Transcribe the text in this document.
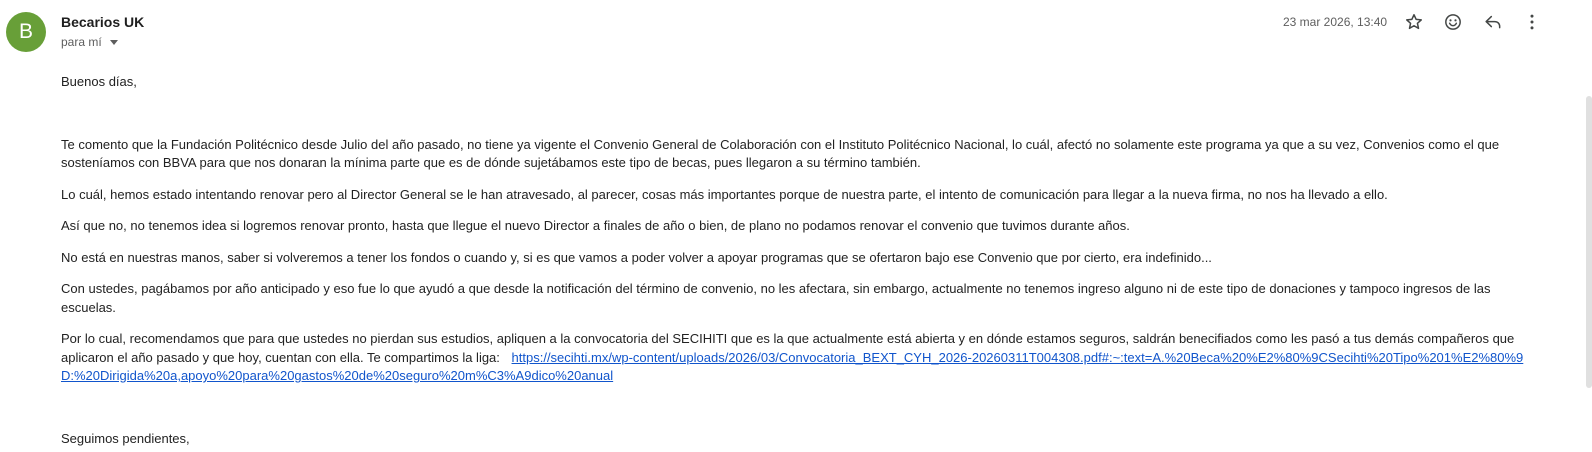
B	Becarios UK
para mí
23 mar 2026, 13:40

Buenos días,

Te comento que la Fundación Politécnico desde Julio del año pasado, no tiene ya vigente el Convenio General de Colaboración con el Instituto Politécnico Nacional, lo cuál, afectó no solamente este programa ya que a su vez, Convenios como el que sosteníamos con BBVA para que nos donaran la mínima parte que es de dónde sujetábamos este tipo de becas, pues llegaron a su término también.

Lo cuál, hemos estado intentando renovar pero al Director General se le han atravesado, al parecer, cosas más importantes porque de nuestra parte, el intento de comunicación para llegar a la nueva firma, no nos ha llevado a ello.

Así que no, no tenemos idea si logremos renovar pronto, hasta que llegue el nuevo Director a finales de año o bien, de plano no podamos renovar el convenio que tuvimos durante años.

No está en nuestras manos, saber si volveremos a tener los fondos o cuando y, si es que vamos a poder volver a apoyar programas que se ofertaron bajo ese Convenio que por cierto, era indefinido...

Con ustedes, pagábamos por año anticipado y eso fue lo que ayudó a que desde la notificación del término de convenio, no les afectara, sin embargo, actualmente no tenemos ingreso alguno ni de este tipo de donaciones y tampoco ingresos de las escuelas.

Por lo cual, recomendamos que para que ustedes no pierdan sus estudios, apliquen a la convocatoria del SECIHITI que es la que actualmente está abierta y en dónde estamos seguros, saldrán benecifiados como les pasó a tus demás compañeros que aplicaron el año pasado y que hoy, cuentan con ella. Te compartimos la liga: https://secihti.mx/wp-content/uploads/2026/03/Convocatoria_BEXT_CYH_2026-20260311T004308.pdf#:~:text=A.%20Beca%20%E2%80%9CSecihti%20Tipo%201%E2%80%9D:%20Dirigida%20a,apoyo%20para%20gastos%20de%20seguro%20m%C3%A9dico%20anual

Seguimos pendientes,
